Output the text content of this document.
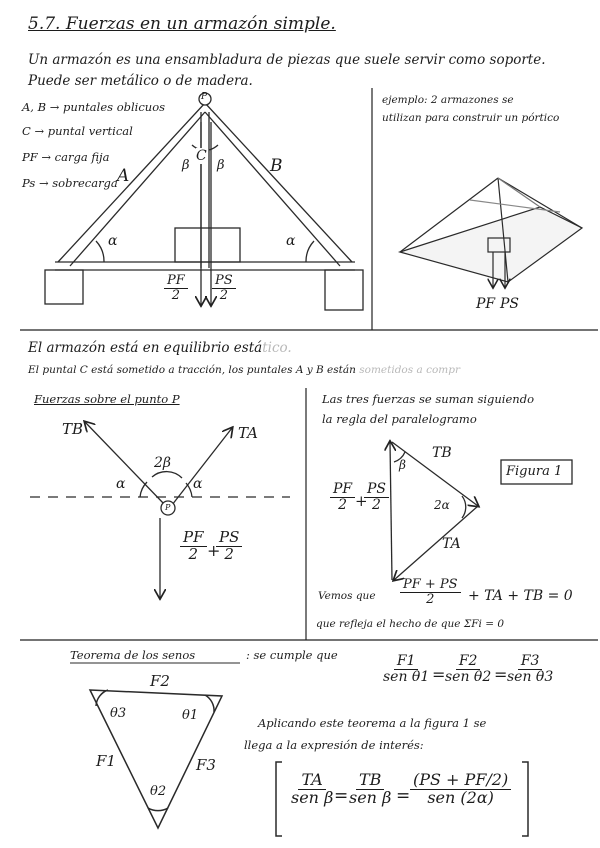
5.7. Fuerzas en un armazón simple.
Un armazón es una ensambladura de piezas que suele servir como soporte.
Puede ser metálico o de madera.
A, B → puntales oblicuos
C → puntal vertical
PF → carga fija
Ps → sobrecarga
P
A	B
C
α	α
β β
$\frac{PF}{2} \frac{PS}{2}$
ejemplo: 2 armazones se
utilizan para construir un pórtico
PF PS
El armazón está en equilibrio estático.
El puntal C está sometido a tracción, los puntales A y B están sometidos a compr
Fuerzas sobre el punto P
TB	TA
2β
α	α
P
$\frac{PF}{2}$ +
$\frac{PS}{2}$
Las tres fuerzas se suman siguiendo
la regla del paralelogramo
Figura 1
TB
TA
β
2α
$\frac{PF}{2}$ +
$\frac{PS}{2}$
Vemos que $\frac{PF + PS}{2}$ + TA + TB = 0
que refleja el hecho de que ΣFi = 0
Teorema de los senos	: se cumple que	F1
sen θ1 =
F2
sen θ2 =
F3
sen θ3
F2
F1	F3
θ3	θ1
θ2
Aplicando este teorema a la figura 1 se
llega a la expresión de interés:
TA
sen β =
TB
sen β =
(PS + PF/2)
sen (2α)
